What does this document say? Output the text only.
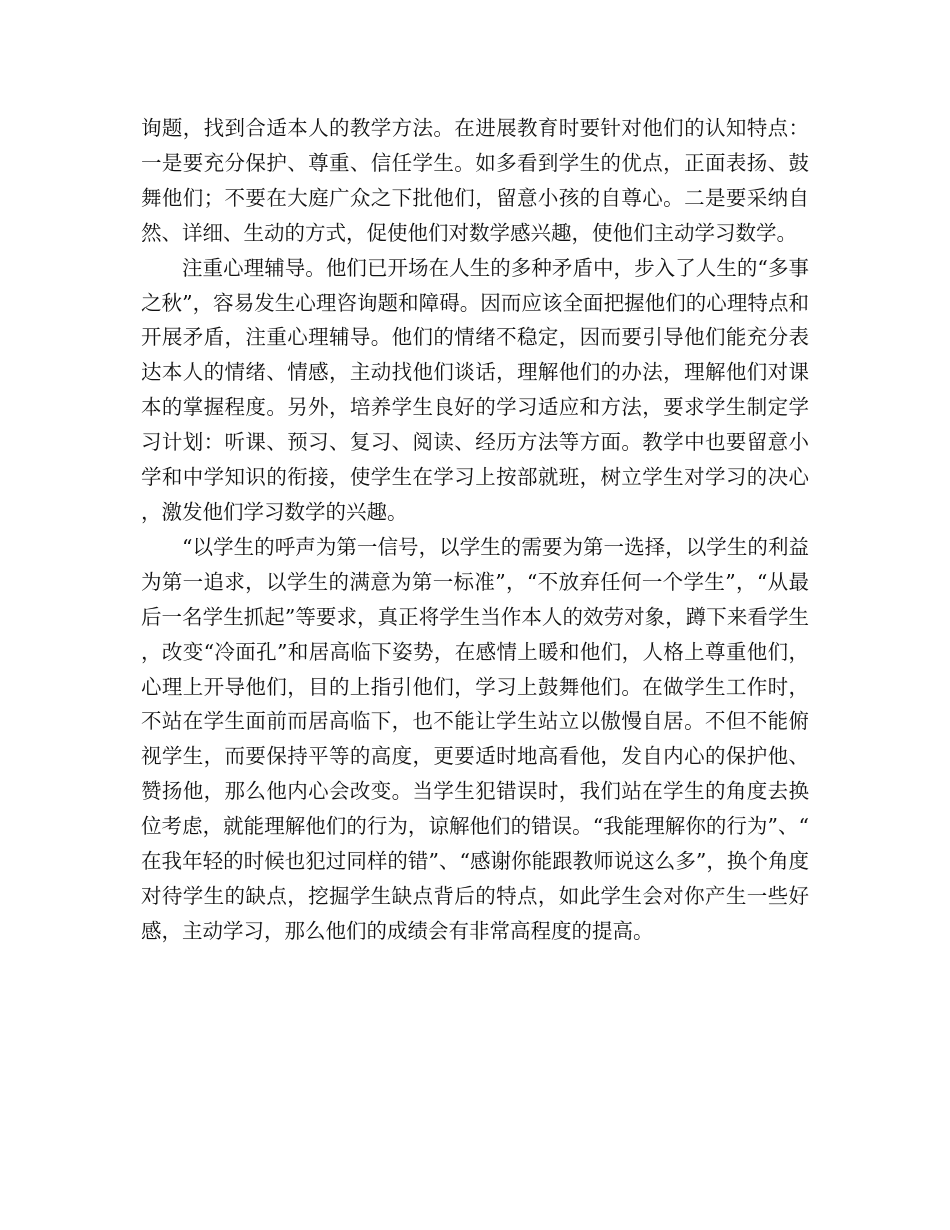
询题，找到合适本人的教学方法。在进展教育时要针对他们的认知特点：一是要充分保护、尊重、信任学生。如多看到学生的优点，正面表扬、鼓舞他们；不要在大庭广众之下批他们，留意小孩的自尊心。二是要采纳自然、详细、生动的方式，促使他们对数学感兴趣，使他们主动学习数学。

注重心理辅导。他们已开场在人生的多种矛盾中，步入了人生的“多事之秋”，容易发生心理咨询题和障碍。因而应该全面把握他们的心理特点和开展矛盾，注重心理辅导。他们的情绪不稳定，因而要引导他们能充分表达本人的情绪、情感，主动找他们谈话，理解他们的办法，理解他们对课本的掌握程度。另外，培养学生良好的学习适应和方法，要求学生制定学习计划：听课、预习、复习、阅读、经历方法等方面。教学中也要留意小学和中学知识的衔接，使学生在学习上按部就班，树立学生对学习的决心，激发他们学习数学的兴趣。

“以学生的呼声为第一信号，以学生的需要为第一选择，以学生的利益为第一追求，以学生的满意为第一标准”，“不放弃任何一个学生”，“从最后一名学生抓起”等要求，真正将学生当作本人的效劳对象，蹲下来看学生，改变“冷面孔”和居高临下姿势，在感情上暖和他们，人格上尊重他们，心理上开导他们，目的上指引他们，学习上鼓舞他们。在做学生工作时，不站在学生面前而居高临下，也不能让学生站立以傲慢自居。不但不能俯视学生，而要保持平等的高度，更要适时地高看他，发自内心的保护他、赞扬他，那么他内心会改变。当学生犯错误时，我们站在学生的角度去换位考虑，就能理解他们的行为，谅解他们的错误。“我能理解你的行为”、“在我年轻的时候也犯过同样的错”、“感谢你能跟教师说这么多”，换个角度对待学生的缺点，挖掘学生缺点背后的特点，如此学生会对你产生一些好感，主动学习，那么他们的成绩会有非常高程度的提高。
